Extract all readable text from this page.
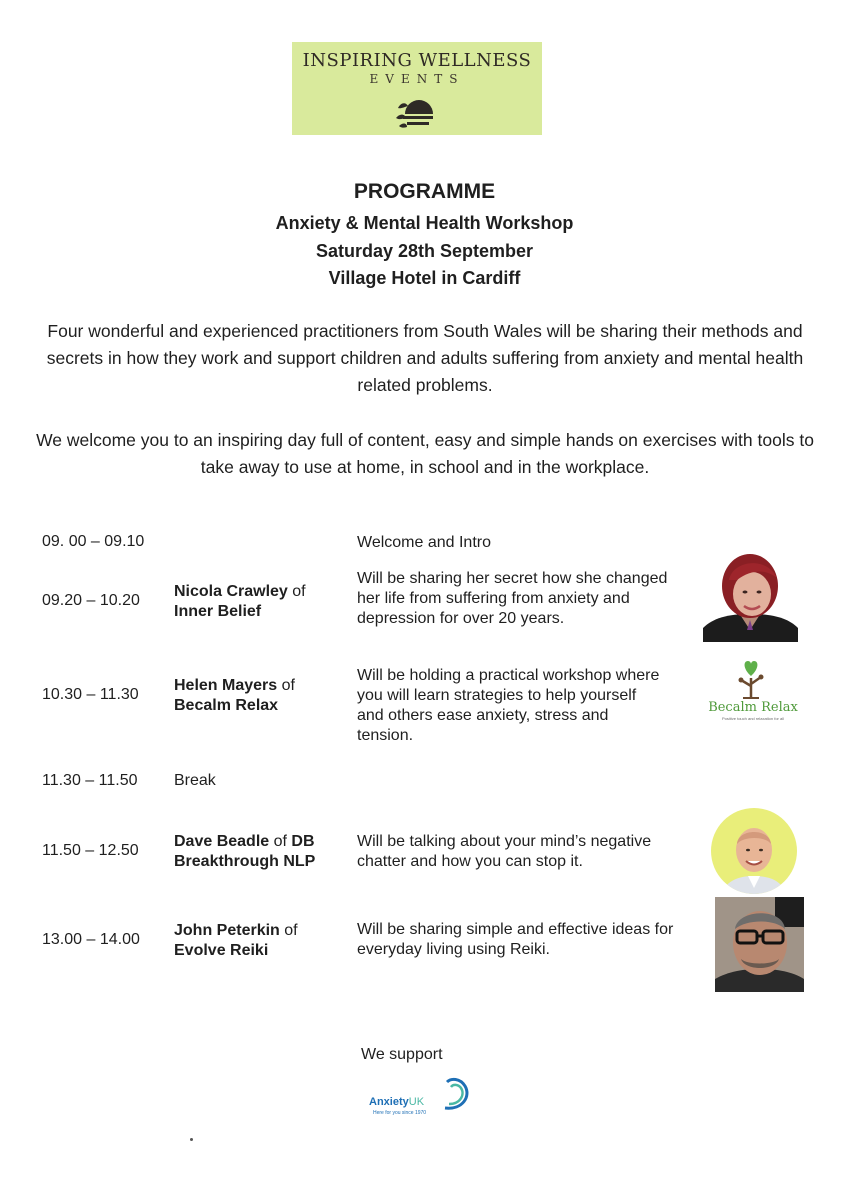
INSPIRING WELLNESS
EVENTS
PROGRAMME
Anxiety & Mental Health Workshop
Saturday 28th September
Village Hotel in Cardiff
Four wonderful and experienced practitioners from South Wales will be sharing their methods and secrets in how they work and support children and adults suffering from anxiety and mental health related problems.
We welcome you to an inspiring day full of content, easy and simple hands on exercises with tools to take away to use at home, in school and in the workplace.
09. 00 – 09.10	Welcome and Intro
09.20 – 10.20
Nicola Crawley of
Inner Belief
Will be sharing her secret how she changed her life from suffering from anxiety and depression for over 20 years.
10.30 – 11.30
Helen Mayers of
Becalm Relax
Will be holding a practical workshop where you will learn strategies to help yourself and others ease anxiety, stress and tension.
11.30 – 11.50 Break
11.50 – 12.50
Dave Beadle of DB Breakthrough NLP
Will be talking about your mind’s negative chatter and how you can stop it.
13.00 – 14.00
John Peterkin of
Evolve Reiki
Will be sharing simple and effective ideas for everyday living using Reiki.
Becalm Relax
Positive touch and relaxation for all
We support
AnxietyUK
Here for you since 1970
